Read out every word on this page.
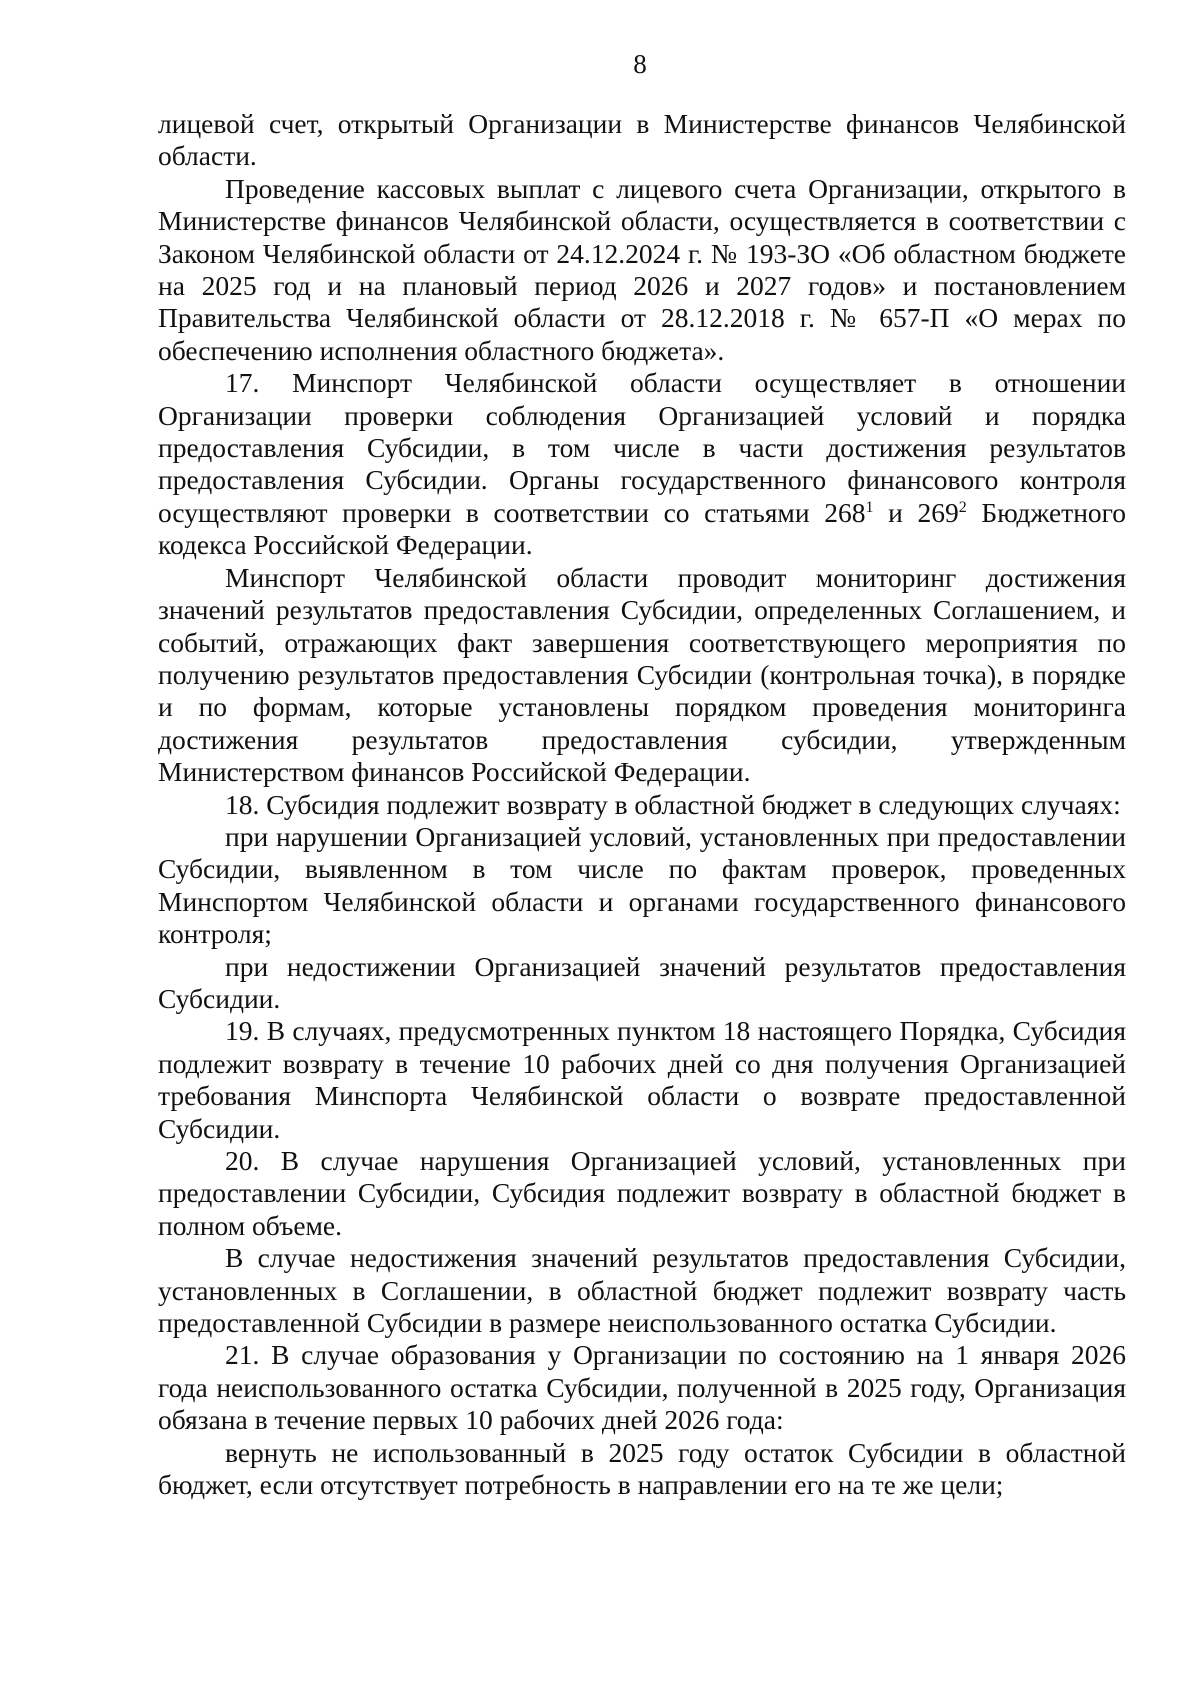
8

лицевой счет, открытый Организации в Министерстве финансов Челябинской области.

Проведение кассовых выплат с лицевого счета Организации, открытого в Министерстве финансов Челябинской области, осуществляется в соответствии с Законом Челябинской области от 24.12.2024 г. № 193-ЗО «Об областном бюджете на 2025 год и на плановый период 2026 и 2027 годов» и постановлением Правительства Челябинской области от 28.12.2018 г. № 657-П «О мерах по обеспечению исполнения областного бюджета».

17. Минспорт Челябинской области осуществляет в отношении Организации проверки соблюдения Организацией условий и порядка предоставления Субсидии, в том числе в части достижения результатов предоставления Субсидии. Органы государственного финансового контроля осуществляют проверки в соответствии со статьями $268^1$ и $269^2$ Бюджетного кодекса Российской Федерации.

Минспорт Челябинской области проводит мониторинг достижения значений результатов предоставления Субсидии, определенных Соглашением, и событий, отражающих факт завершения соответствующего мероприятия по получению результатов предоставления Субсидии (контрольная точка), в порядке и по формам, которые установлены порядком проведения мониторинга достижения результатов предоставления субсидии, утвержденным Министерством финансов Российской Федерации.

18. Субсидия подлежит возврату в областной бюджет в следующих случаях:

при нарушении Организацией условий, установленных при предоставлении Субсидии, выявленном в том числе по фактам проверок, проведенных Минспортом Челябинской области и органами государственного финансового контроля;

при недостижении Организацией значений результатов предоставления Субсидии.

19. В случаях, предусмотренных пунктом 18 настоящего Порядка, Субсидия подлежит возврату в течение 10 рабочих дней со дня получения Организацией требования Минспорта Челябинской области о возврате предоставленной Субсидии.

20. В случае нарушения Организацией условий, установленных при предоставлении Субсидии, Субсидия подлежит возврату в областной бюджет в полном объеме.

В случае недостижения значений результатов предоставления Субсидии, установленных в Соглашении, в областной бюджет подлежит возврату часть предоставленной Субсидии в размере неиспользованного остатка Субсидии.

21. В случае образования у Организации по состоянию на 1 января 2026 года неиспользованного остатка Субсидии, полученной в 2025 году, Организация обязана в течение первых 10 рабочих дней 2026 года:

вернуть не использованный в 2025 году остаток Субсидии в областной бюджет, если отсутствует потребность в направлении его на те же цели;
